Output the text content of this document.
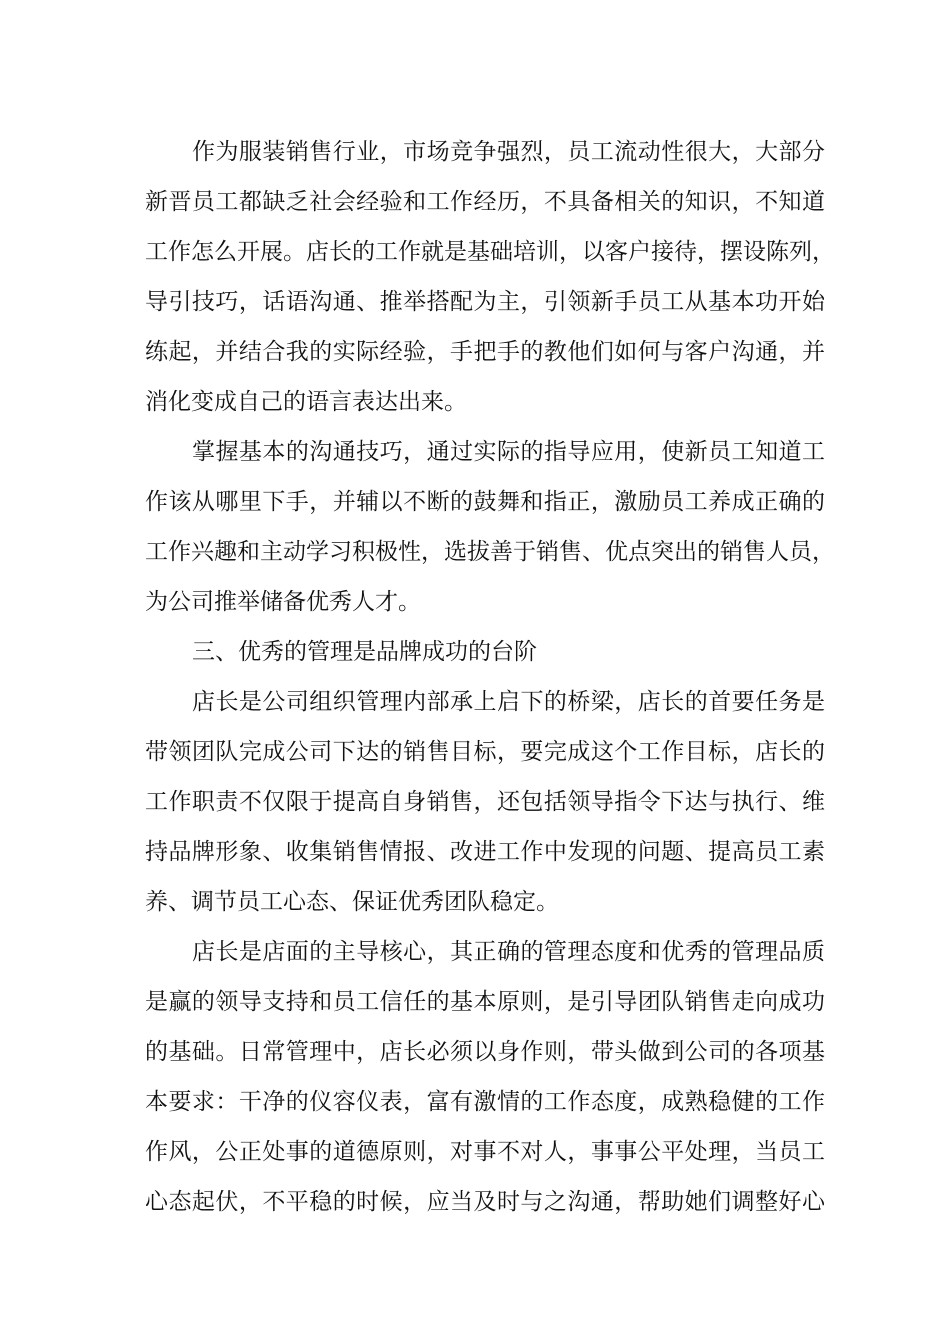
作为服装销售行业，市场竞争强烈，员工流动性很大，大部分
新晋员工都缺乏社会经验和工作经历，不具备相关的知识，不知道
工作怎么开展。店长的工作就是基础培训，以客户接待，摆设陈列，
导引技巧，话语沟通、推举搭配为主，引领新手员工从基本功开始
练起，并结合我的实际经验，手把手的教他们如何与客户沟通，并
消化变成自己的语言表达出来。
掌握基本的沟通技巧，通过实际的指导应用，使新员工知道工
作该从哪里下手，并辅以不断的鼓舞和指正，激励员工养成正确的
工作兴趣和主动学习积极性，选拔善于销售、优点突出的销售人员，
为公司推举储备优秀人才。
三、优秀的管理是品牌成功的台阶
店长是公司组织管理内部承上启下的桥梁，店长的首要任务是
带领团队完成公司下达的销售目标，要完成这个工作目标，店长的
工作职责不仅限于提高自身销售，还包括领导指令下达与执行、维
持品牌形象、收集销售情报、改进工作中发现的问题、提高员工素
养、调节员工心态、保证优秀团队稳定。
店长是店面的主导核心，其正确的管理态度和优秀的管理品质
是赢的领导支持和员工信任的基本原则，是引导团队销售走向成功
的基础。日常管理中，店长必须以身作则，带头做到公司的各项基
本要求：干净的仪容仪表，富有激情的工作态度，成熟稳健的工作
作风，公正处事的道德原则，对事不对人，事事公平处理，当员工
心态起伏，不平稳的时候，应当及时与之沟通，帮助她们调整好心
